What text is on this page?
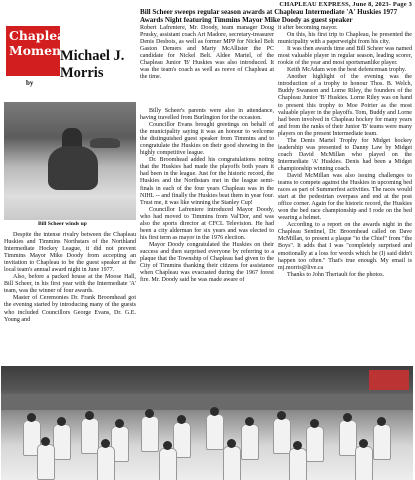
CHAPLEAU EXPRESS, June 8, 2023- Page 3
Bill Scheer sweeps regular season awards at Chapleau Intermediate 'A' Huskies 1977 Awards Night featuring Timmins Mayor Mike Doody as guest speaker
Chapleau
Moments
by
Michael J.
Morris
Bill Scheer winds up

Despite the intense rivalry between the Chapleau Huskies and Timmins Northstars of the Northland Intermediate Hockey League, it did not prevent Timmins Mayor Mike Doody from accepting an invitation to Chapleau to be the guest speaker at the local team's annual award night in June 1977.

Also, before a packed house at the Moose Hall, Bill Scheer, in his first year with the Intermediate 'A' team, was the winner of four awards.

Master of Ceremonies Dr. Frank Broomhead got the evening started by introducing many of the guests who included Councillors George Evans, Dr. G.E. Young and

Robert Lafreniere, Mr. Doody, team manager Doug Prusky, assistant coach Art Madore, secretary-treasurer Denis Desbois, as well as former MPP for Nickel Belt Gaston Demers and Marty McAllister the PC candidate for Nickel Belt. Aldee Martel, of the Chapleau Junior 'B' Huskies was also introduced. It was the team's coach as well as reeve of Chapleau at the time.

Billy Scheer's parents were also in attendance, having travelled from Burlington for the occasion.

Councillor Evans brought greetings on behalf of the municipality saying it was an honour to welcome the distinguished guest speaker from Timmins and to congratulate the Huskies on their good showing in the highly competitive league.

Dr. Broomhead added his congratulations noting that the Huskies had made the playoffs both years it had been in the league. Just for the historic record, the Huskies and the Northstars met in the league semi-finals in each of the four years Chapleau was in the NIHL -- and finally the Huskies beat them in year four. Trust me, it was like winning the Stanley Cup!

Councillor Lafreniere introduced Mayor Doody, who had moved to Timmins from Val'Dor, and was also the sports director at CFCL Television. He had been a city alderman for six years and was elected to his first term as mayor in the 1976 election.

Mayor Doody congratulated the Huskies on their success and then surprised everyone by referring to a plaque that the Township of Chapleau had given to the City of Timmins thanking their citizens for assistance when Chapleau was evacuated during the 1967 forest fire. Mr. Doody said he was made aware of

it after becoming mayor.

On this, his first trip to Chapleau, he presented the municipality with a paperweight from his city.

It was then awards time and Bill Scheer was named most valuable player in regular season, leading scorer, rookie of the year and most sportsmanlike player.

Keith McAdam won the best defenceman trophy.

Another highlight of the evening was the introduction of a trophy to honour Thos. B. Welch, Buddy Swanson and Lorne Riley, the founders of the Chapleau Junior 'B' Huskies. Lorne Riley was on hand to present this trophy to Moe Poirier as the most valuable player in the playoffs. Tom, Buddy and Lorne had been involved in Chapleau hockey for many years and from the ranks of their Junior 'B' teams were many players on the present Intermediate team.

The Denis Martel Trophy for Midget hockey leadership was presented to Danny Law by Midget coach David McMillan who played on the Intermediate 'A' Huskies. Denis had been a Midget championship winning coach.

David McMillan was also issuing challenges to teams to compete against the Huskies in upcoming bed races as part of Summerfest activities. The races would start at the pedestrian overpass and end at the post office corner. Again for the historic record, the Huskies won the bed race championship and I rode on the bed wearing a helmet.

According to a report on the awards night in the Chapleau Sentinel, Dr. Broomhead called on Dave McMillan, to present a plaque "to the Chief" from "the Boys". It adds that I was "completely surprised and emotionally at a loss for words which he (I) said didn't happen too often." That's true enough. My email is mj.morris@live.ca

Thanks to John Theriault for the photos.
